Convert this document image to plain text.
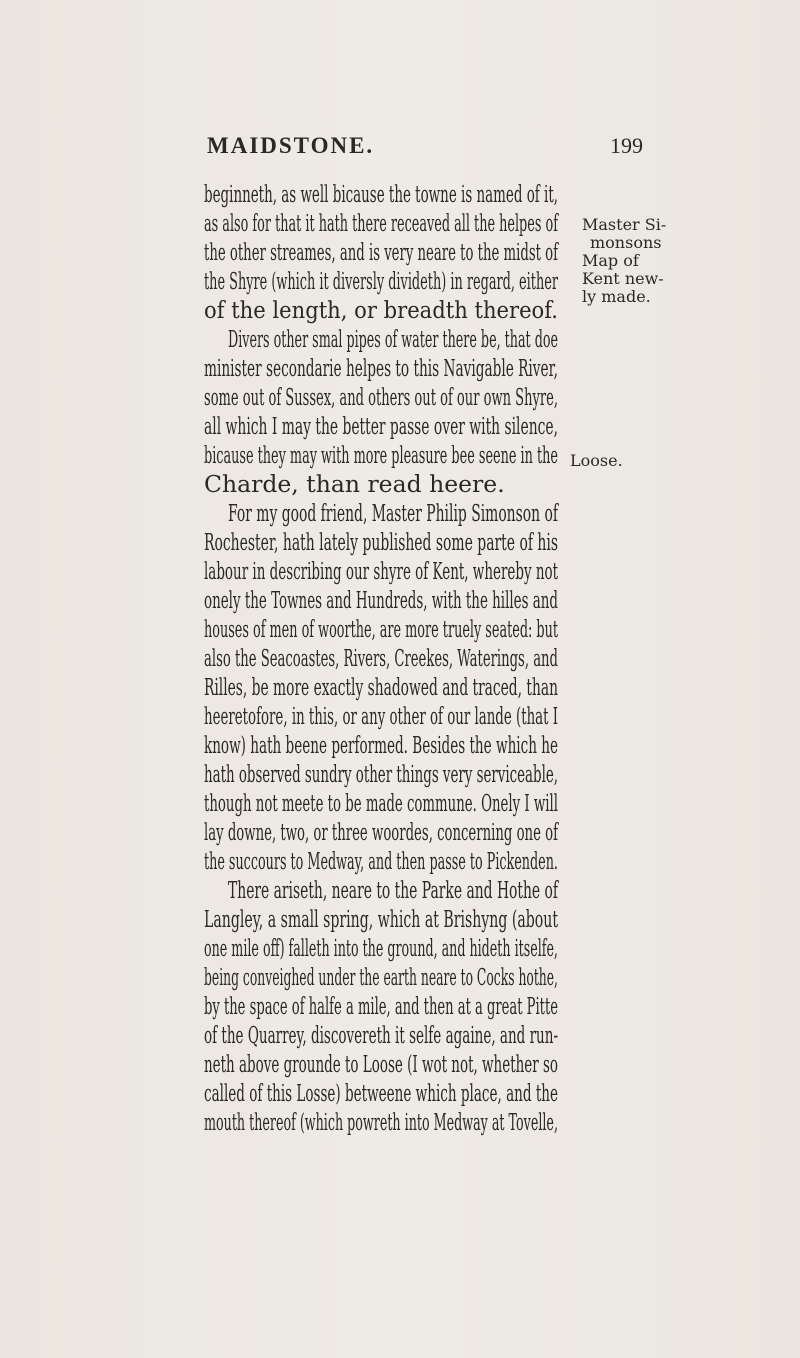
MAIDSTONE.	199
beginneth, as well bicause the towne is named of it,
as also for that it hath there receaved all the helpes of
the other streames, and is very neare to the midst of
the Shyre (which it diversly divideth) in regard, either
of the length, or breadth thereof.
Divers other smal pipes of water there be, that doe
minister secondarie helpes to this Navigable River,
some out of Sussex, and others out of our own Shyre,
all which I may the better passe over with silence,
bicause they may with more pleasure bee seene in the
Charde, than read heere.
For my good friend, Master Philip Simonson of
Rochester, hath lately published some parte of his
labour in describing our shyre of Kent, whereby not
onely the Townes and Hundreds, with the hilles and
houses of men of woorthe, are more truely seated: but
also the Seacoastes, Rivers, Creekes, Waterings, and
Rilles, be more exactly shadowed and traced, than
heeretofore, in this, or any other of our lande (that I
know) hath beene performed. Besides the which he
hath observed sundry other things very serviceable,
though not meete to be made commune. Onely I will
lay downe, two, or three woordes, concerning one of
the succours to Medway, and then passe to Pickenden.
There ariseth, neare to the Parke and Hothe of
Langley, a small spring, which at Brishyng (about
one mile off) falleth into the ground, and hideth itselfe,
being conveighed under the earth neare to Cocks hothe,
by the space of halfe a mile, and then at a great Pitte
of the Quarrey, discovereth it selfe againe, and run-
neth above grounde to Loose (I wot not, whether so
called of this Losse) betweene which place, and the
mouth thereof (which powreth into Medway at Tovelle,
Master Si-
monsons
Map of
Kent new-
ly made.
Loose.
